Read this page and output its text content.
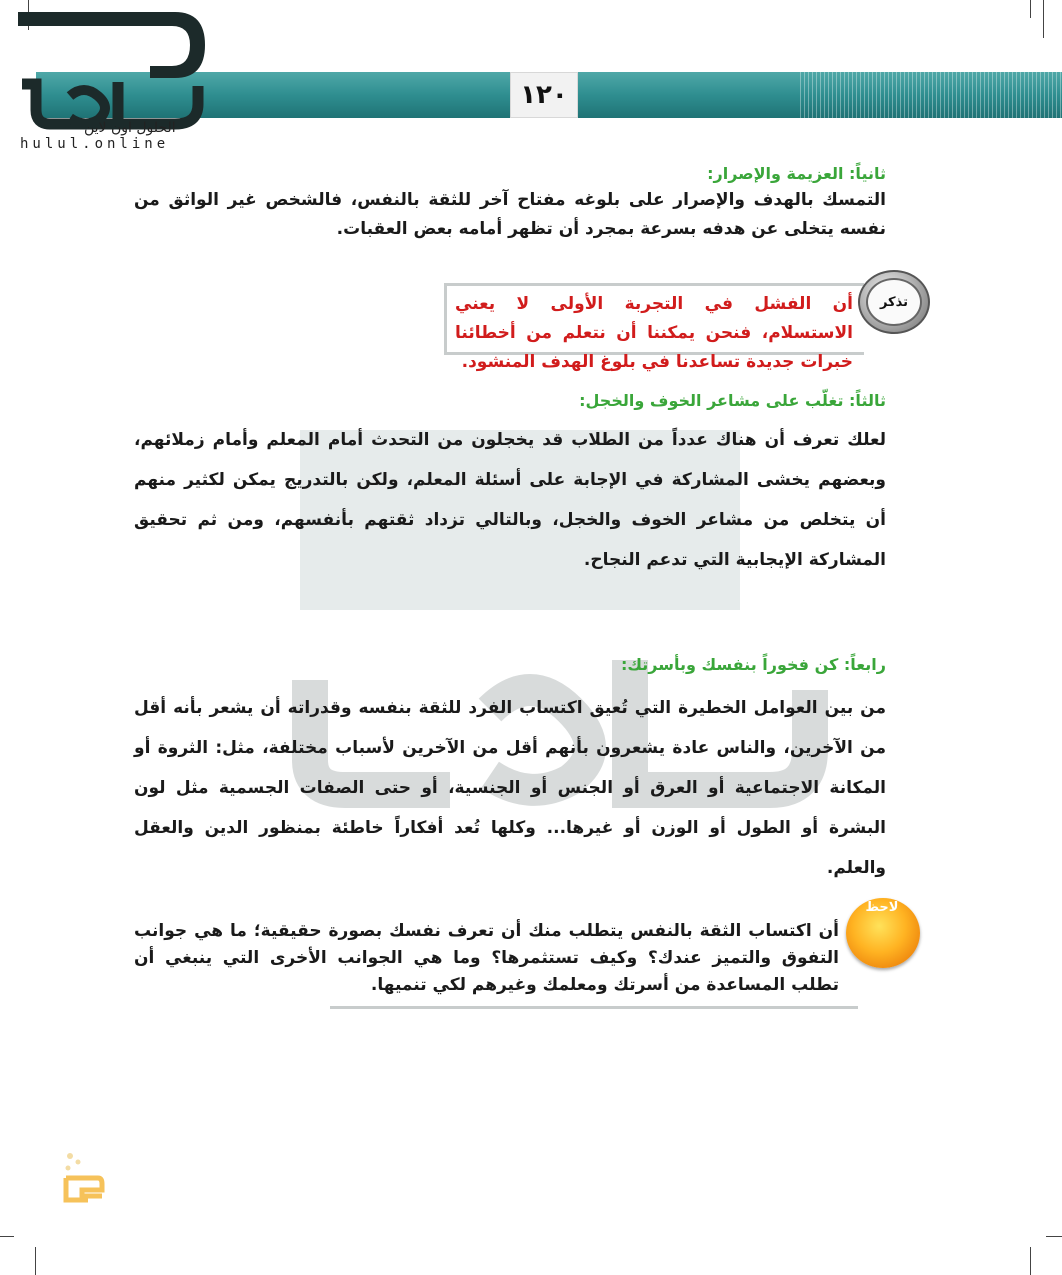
١٢٠
الحلول اون لاين
hulul.online
ثانياً: العزيمة والإصرار:
التمسك بالهدف والإصرار على بلوغه مفتاح آخر للثقة بالنفس، فالشخص غير الواثق من نفسه يتخلى عن هدفه بسرعة بمجرد أن تظهر أمامه بعض العقبات.
تذكر
أن الفشل في التجربة الأولى لا يعني الاستسلام، فنحن يمكننا أن نتعلم من أخطائنا خبرات جديدة تساعدنا في بلوغ الهدف المنشود.
ثالثاً: تغلّب على مشاعر الخوف والخجل:
لعلك تعرف أن هناك عدداً من الطلاب قد يخجلون من التحدث أمام المعلم وأمام زملائهم، وبعضهم يخشى المشاركة في الإجابة على أسئلة المعلم، ولكن بالتدريج يمكن لكثير منهم أن يتخلص من مشاعر الخوف والخجل، وبالتالي تزداد ثقتهم بأنفسهم، ومن ثم تحقيق المشاركة الإيجابية التي تدعم النجاح.
رابعاً: كن فخوراً بنفسك وبأسرتك:
من بين العوامل الخطيرة التي تُعيق اكتساب الفرد للثقة بنفسه وقدراته أن يشعر بأنه أقل من الآخرين، والناس عادة يشعرون بأنهم أقل من الآخرين لأسباب مختلفة، مثل: الثروة أو المكانة الاجتماعية أو العرق أو الجنس أو الجنسية، أو حتى الصفات الجسمية مثل لون البشرة أو الطول أو الوزن أو غيرها... وكلها تُعد أفكاراً خاطئة بمنظور الدين والعقل والعلم.
لاحظ
أن اكتساب الثقة بالنفس يتطلب منك أن تعرف نفسك بصورة حقيقية؛ ما هي جوانب التفوق والتميز عندك؟ وكيف تستثمرها؟ وما هي الجوانب الأخرى التي ينبغي أن تطلب المساعدة من أسرتك ومعلمك وغيرهم لكي تنميها.
